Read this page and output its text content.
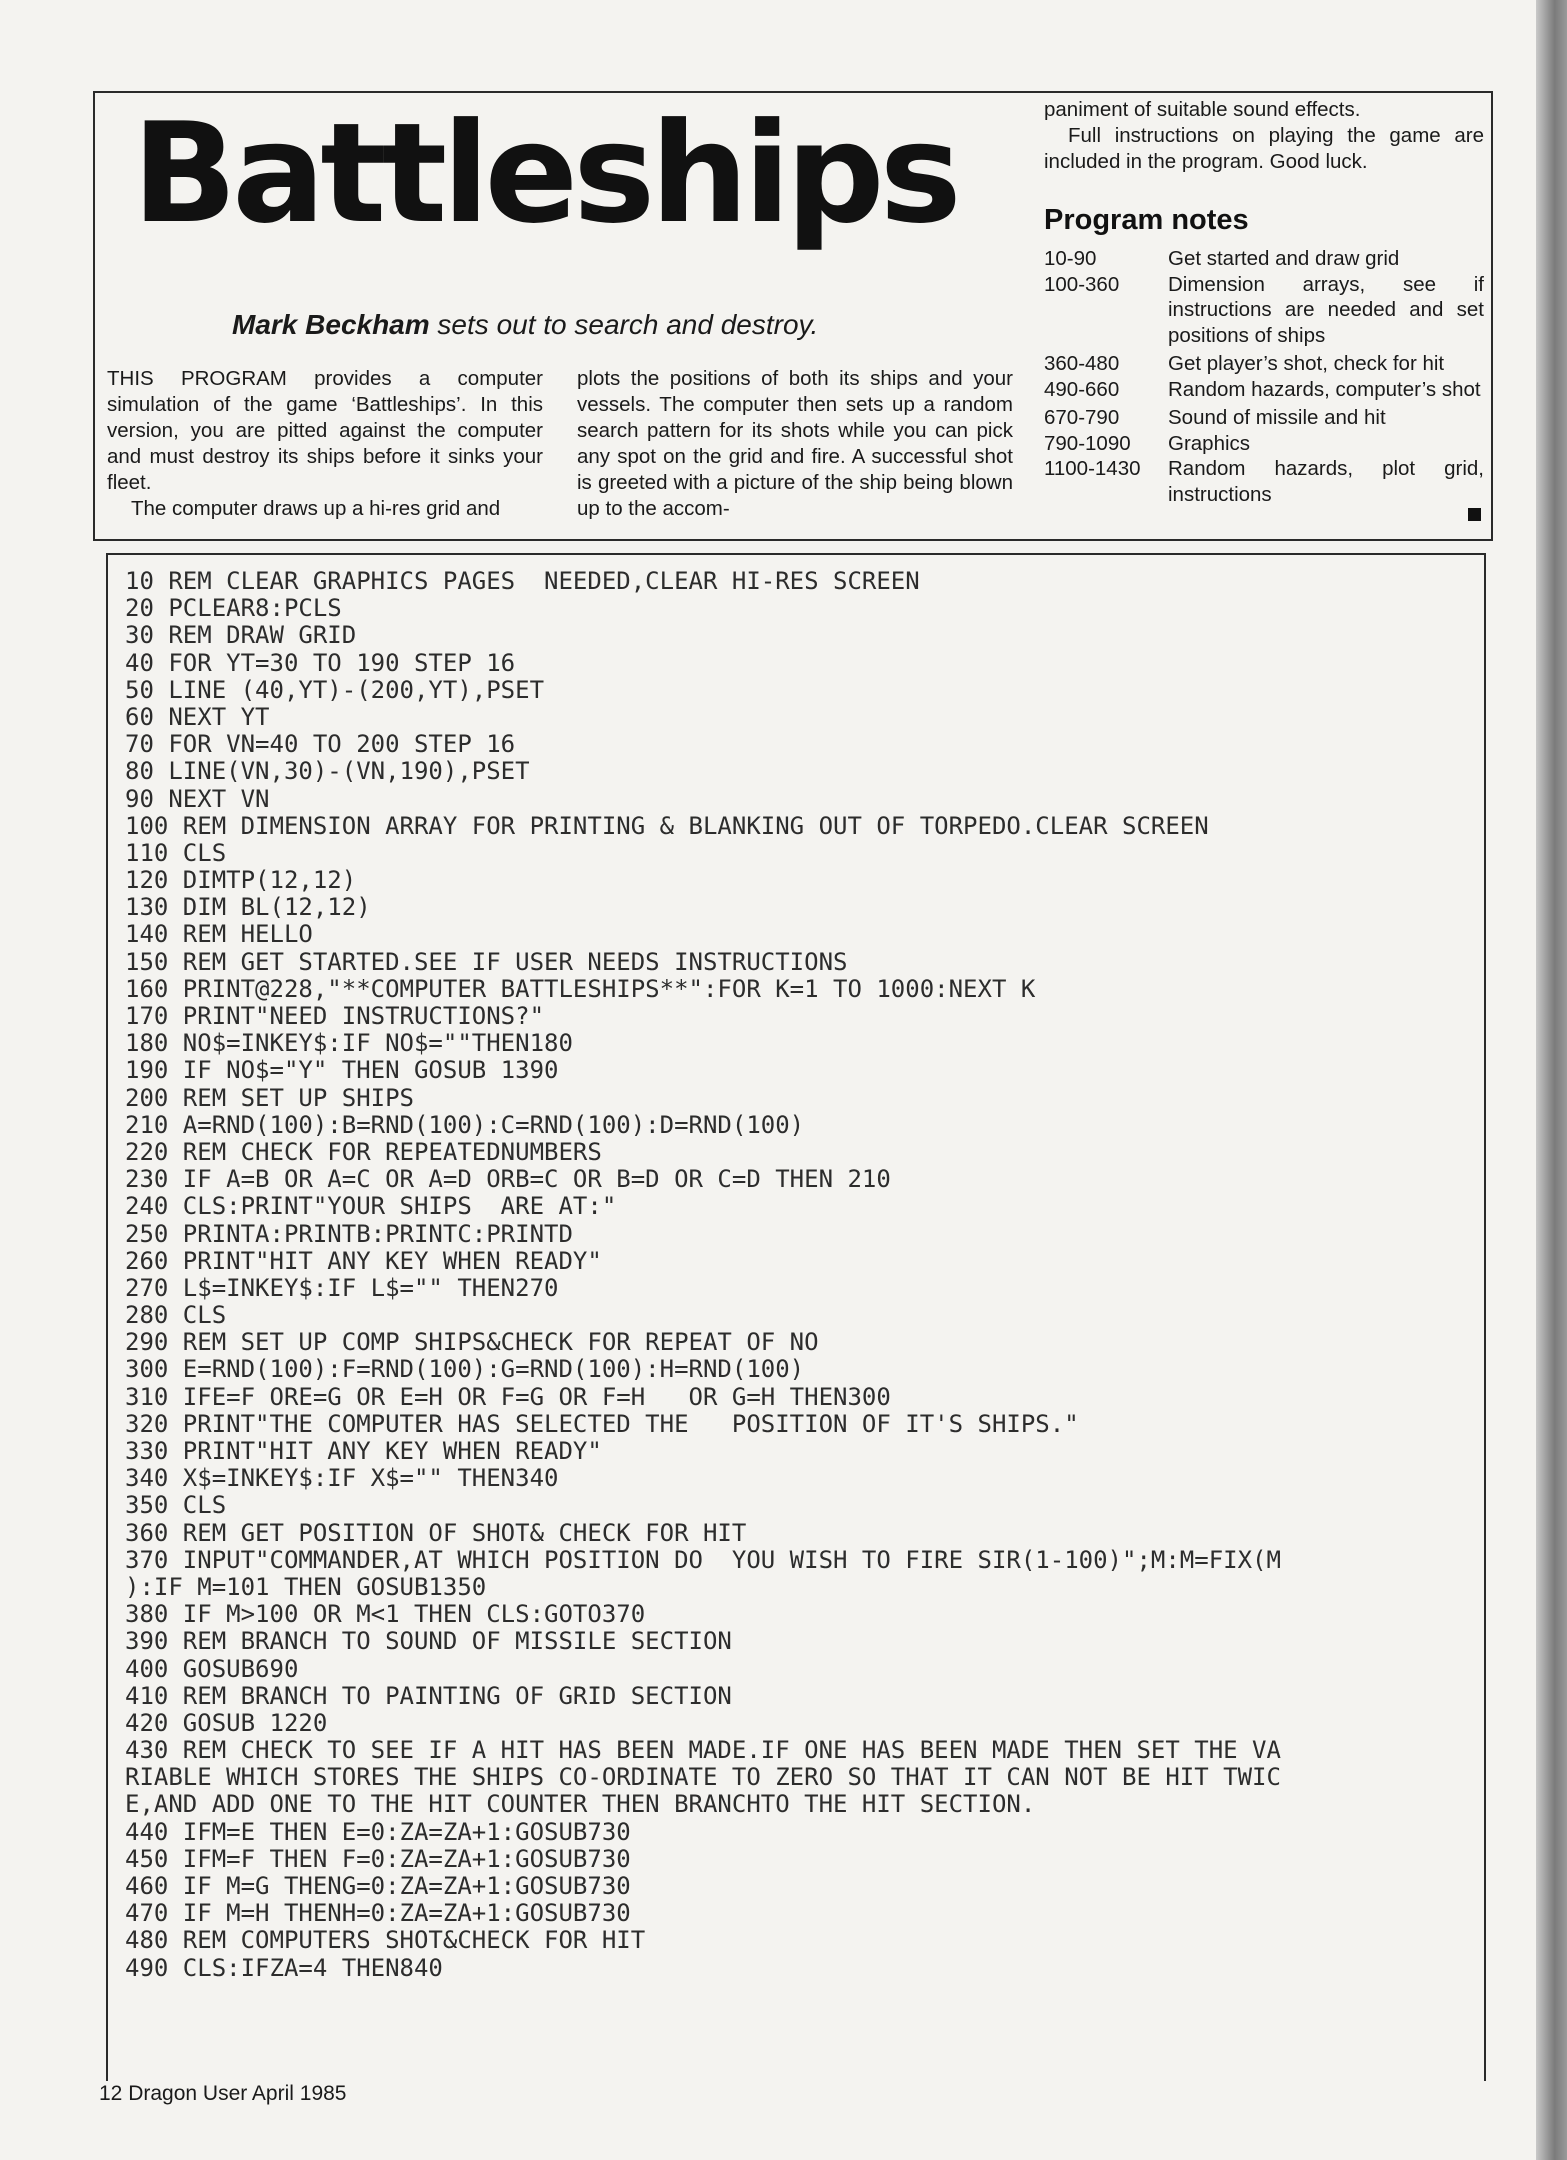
Battleships

Mark Beckham sets out to search and destroy.

THIS PROGRAM provides a computer simulation of the game ‘Battleships’. In this version, you are pitted against the computer and must destroy its ships before it sinks your fleet.

The computer draws up a hi-res grid and

plots the positions of both its ships and your vessels. The computer then sets up a random search pattern for its shots while you can pick any spot on the grid and fire. A successful shot is greeted with a picture of the ship being blown up to the accom-

paniment of suitable sound effects.

Full instructions on playing the game are included in the program. Good luck.

Program notes
10-90	Get started and draw grid
100-360	Dimension arrays, see if instructions are needed and set positions of ships
360-480	Get player’s shot, check for hit
490-660	Random hazards, computer’s shot
670-790	Sound of missile and hit
790-1090	Graphics
1100-1430	Random hazards, plot grid, instructions
10 REM CLEAR GRAPHICS PAGES  NEEDED,CLEAR HI-RES SCREEN
20 PCLEAR8:PCLS
30 REM DRAW GRID
40 FOR YT=30 TO 190 STEP 16
50 LINE (40,YT)-(200,YT),PSET
60 NEXT YT
70 FOR VN=40 TO 200 STEP 16
80 LINE(VN,30)-(VN,190),PSET
90 NEXT VN
100 REM DIMENSION ARRAY FOR PRINTING & BLANKING OUT OF TORPEDO.CLEAR SCREEN
110 CLS
120 DIMTP(12,12)
130 DIM BL(12,12)
140 REM HELLO
150 REM GET STARTED.SEE IF USER NEEDS INSTRUCTIONS
160 PRINT@228,"**COMPUTER BATTLESHIPS**":FOR K=1 TO 1000:NEXT K
170 PRINT"NEED INSTRUCTIONS?"
180 NO$=INKEY$:IF NO$=""THEN180
190 IF NO$="Y" THEN GOSUB 1390
200 REM SET UP SHIPS
210 A=RND(100):B=RND(100):C=RND(100):D=RND(100)
220 REM CHECK FOR REPEATEDNUMBERS
230 IF A=B OR A=C OR A=D ORB=C OR B=D OR C=D THEN 210
240 CLS:PRINT"YOUR SHIPS  ARE AT:"
250 PRINTA:PRINTB:PRINTC:PRINTD
260 PRINT"HIT ANY KEY WHEN READY"
270 L$=INKEY$:IF L$="" THEN270
280 CLS
290 REM SET UP COMP SHIPS&CHECK FOR REPEAT OF NO
300 E=RND(100):F=RND(100):G=RND(100):H=RND(100)
310 IFE=F ORE=G OR E=H OR F=G OR F=H   OR G=H THEN300
320 PRINT"THE COMPUTER HAS SELECTED THE   POSITION OF IT'S SHIPS."
330 PRINT"HIT ANY KEY WHEN READY"
340 X$=INKEY$:IF X$="" THEN340
350 CLS
360 REM GET POSITION OF SHOT& CHECK FOR HIT
370 INPUT"COMMANDER,AT WHICH POSITION DO  YOU WISH TO FIRE SIR(1-100)";M:M=FIX(M
):IF M=101 THEN GOSUB1350
380 IF M>100 OR M<1 THEN CLS:GOTO370
390 REM BRANCH TO SOUND OF MISSILE SECTION
400 GOSUB690
410 REM BRANCH TO PAINTING OF GRID SECTION
420 GOSUB 1220
430 REM CHECK TO SEE IF A HIT HAS BEEN MADE.IF ONE HAS BEEN MADE THEN SET THE VA
RIABLE WHICH STORES THE SHIPS CO-ORDINATE TO ZERO SO THAT IT CAN NOT BE HIT TWIC
E,AND ADD ONE TO THE HIT COUNTER THEN BRANCHTO THE HIT SECTION.
440 IFM=E THEN E=0:ZA=ZA+1:GOSUB730
450 IFM=F THEN F=0:ZA=ZA+1:GOSUB730
460 IF M=G THENG=0:ZA=ZA+1:GOSUB730
470 IF M=H THENH=0:ZA=ZA+1:GOSUB730
480 REM COMPUTERS SHOT&CHECK FOR HIT
490 CLS:IFZA=4 THEN840

12 Dragon User April 1985
